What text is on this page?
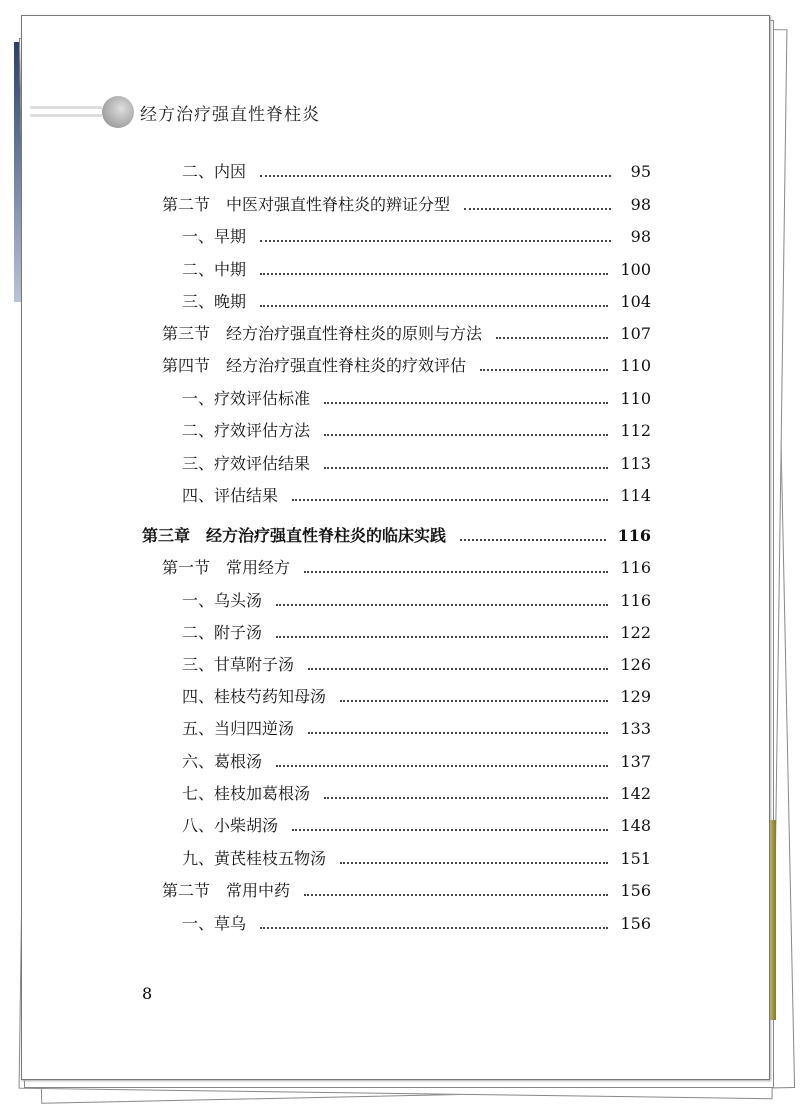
经方治疗强直性脊柱炎
二、内因	95
第二节　中医对强直性脊柱炎的辨证分型	98
一、早期	98
二、中期	100
三、晚期	104
第三节　经方治疗强直性脊柱炎的原则与方法	107
第四节　经方治疗强直性脊柱炎的疗效评估	110
一、疗效评估标准	110
二、疗效评估方法	112
三、疗效评估结果	113
四、评估结果	114
第三章　经方治疗强直性脊柱炎的临床实践	116
第一节　常用经方	116
一、乌头汤	116
二、附子汤	122
三、甘草附子汤	126
四、桂枝芍药知母汤	129
五、当归四逆汤	133
六、葛根汤	137
七、桂枝加葛根汤	142
八、小柴胡汤	148
九、黄芪桂枝五物汤	151
第二节　常用中药	156
一、草乌	156
8
